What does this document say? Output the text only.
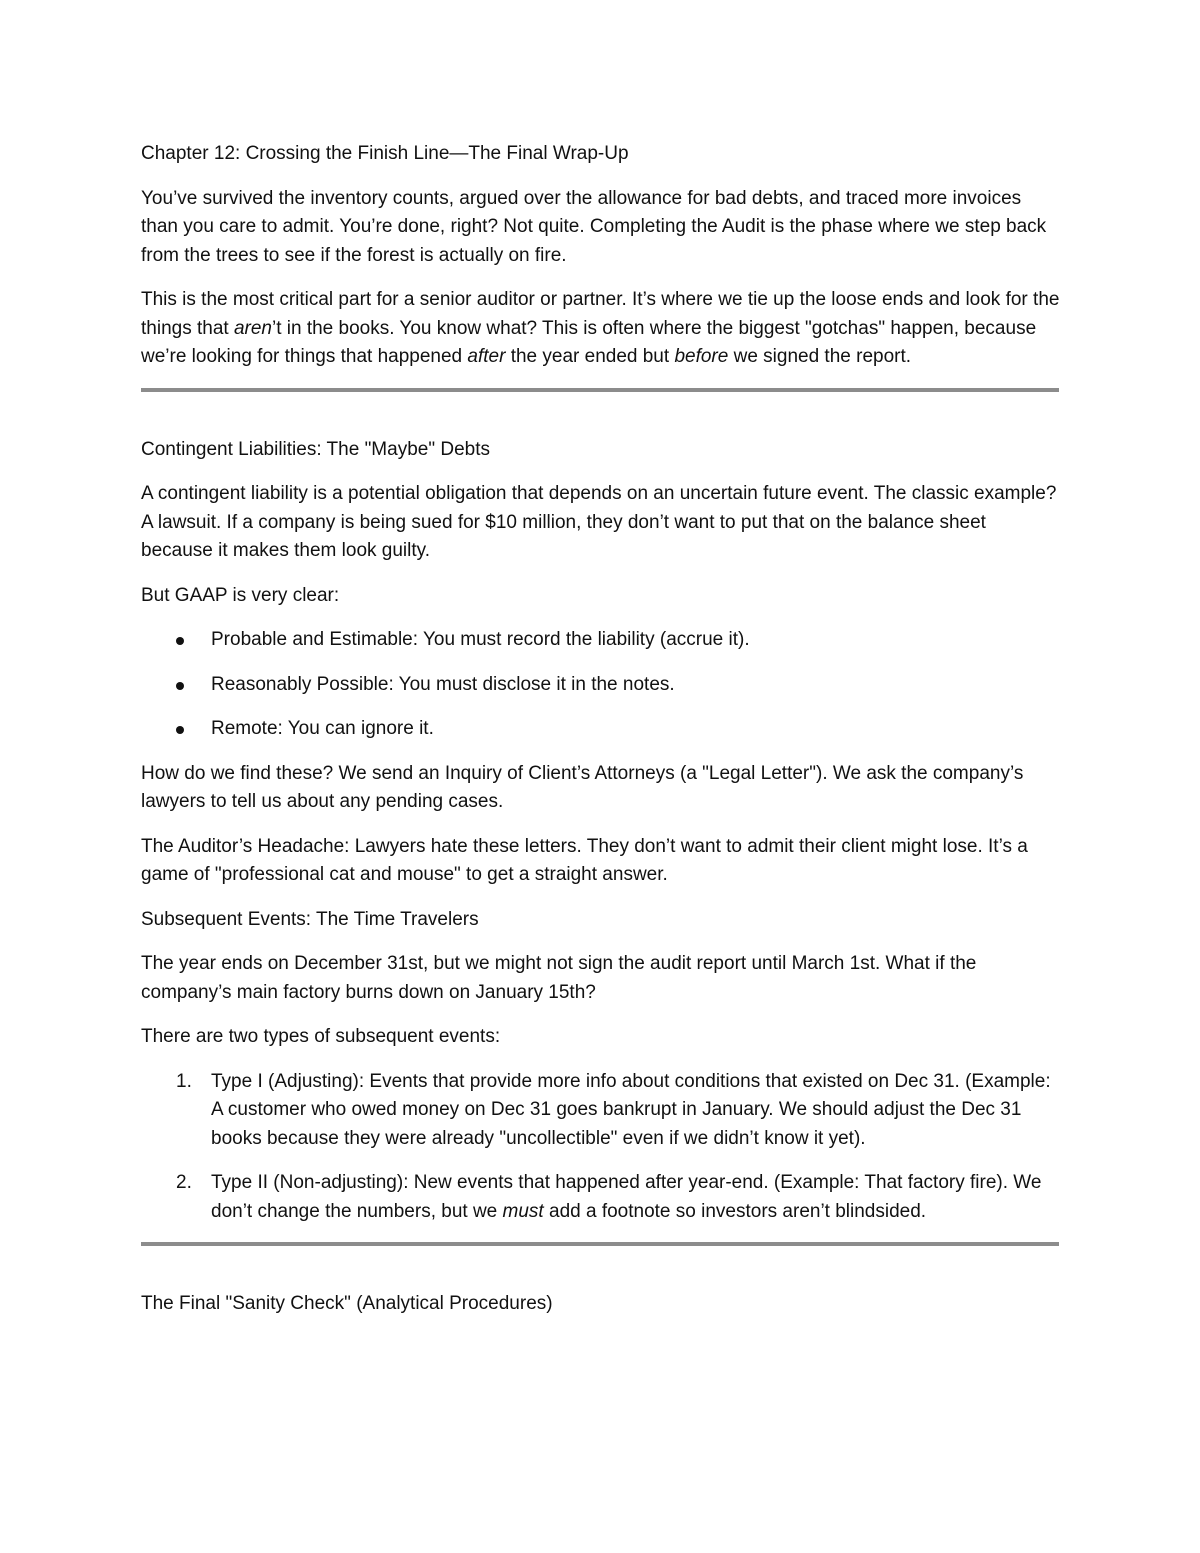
Chapter 12: Crossing the Finish Line—The Final Wrap-Up

You’ve survived the inventory counts, argued over the allowance for bad debts, and traced more invoices than you care to admit. You’re done, right? Not quite. Completing the Audit is the phase where we step back from the trees to see if the forest is actually on fire.

This is the most critical part for a senior auditor or partner. It’s where we tie up the loose ends and look for the things that aren’t in the books. You know what? This is often where the biggest "gotchas" happen, because we’re looking for things that happened after the year ended but before we signed the report.

Contingent Liabilities: The "Maybe" Debts

A contingent liability is a potential obligation that depends on an uncertain future event. The classic example? A lawsuit. If a company is being sued for $10 million, they don’t want to put that on the balance sheet because it makes them look guilty.

But GAAP is very clear:

Probable and Estimable: You must record the liability (accrue it).
Reasonably Possible: You must disclose it in the notes.
Remote: You can ignore it.

How do we find these? We send an Inquiry of Client’s Attorneys (a "Legal Letter"). We ask the company’s lawyers to tell us about any pending cases.

The Auditor’s Headache: Lawyers hate these letters. They don’t want to admit their client might lose. It’s a game of "professional cat and mouse" to get a straight answer.

Subsequent Events: The Time Travelers

The year ends on December 31st, but we might not sign the audit report until March 1st. What if the company’s main factory burns down on January 15th?

There are two types of subsequent events:

1. Type I (Adjusting): Events that provide more info about conditions that existed on Dec 31. (Example: A customer who owed money on Dec 31 goes bankrupt in January. We should adjust the Dec 31 books because they were already "uncollectible" even if we didn’t know it yet).
2. Type II (Non-adjusting): New events that happened after year-end. (Example: That factory fire). We don’t change the numbers, but we must add a footnote so investors aren’t blindsided.

The Final "Sanity Check" (Analytical Procedures)
